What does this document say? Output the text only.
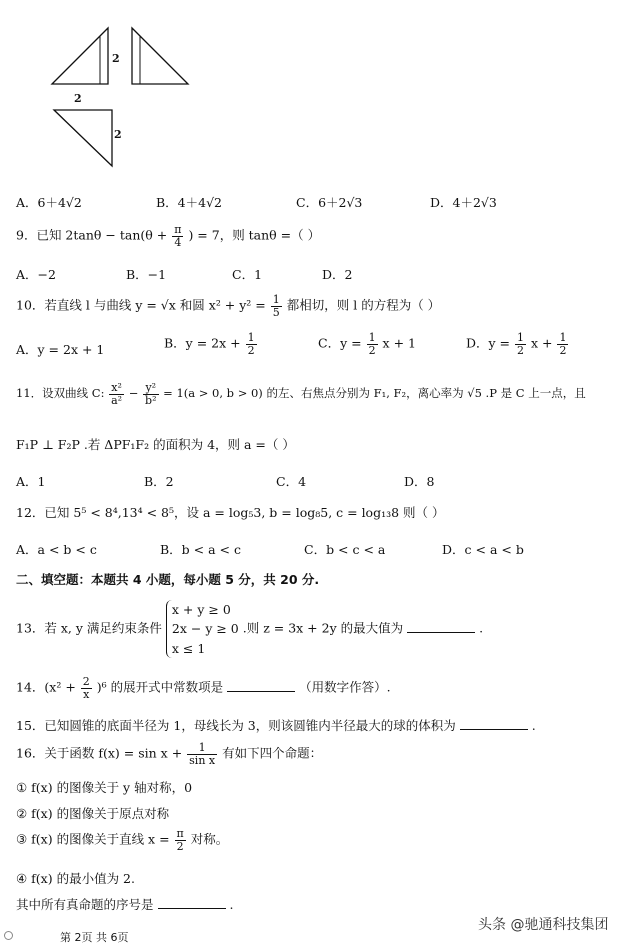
2
2
2
A．6＋4√2	B．4＋4√2	C．6＋2√3	D．4＋2√3
9．已知 $2\tan\theta - \tan(\theta + \frac{\pi}{4}$ ) = 7，则 tanθ =（ ）
A．−2	B．−1	C．1	D．2
10．若直线 l 与曲线 y = √x 和圆 $x^2 + y^2 = \frac{1}{5}$ 都相切，则 l 的方程为（ ）
A．y = 2x + 1	B．$y = 2x + \frac{1}{2}$	C．$y = \frac{1}{2}$ x + 1	D．$y = \frac{1}{2}$ $x + \frac{1}{2}$
11．设双曲线 C: $\frac{\text{x²}}{\text{a²}} - \frac{\text{y²}}{\text{b²}} = 1(a > 0$, b > 0) 的左、右焦点分别为 F₁, F₂，离心率为 √5 .P 是 C 上一点，且
F₁P ⊥ F₂P .若 ΔPF₁F₂ 的面积为 4，则 a =（ ）
A．1	B．2	C．4	D．8
12．已知 5⁵ < 8⁴,13⁴ < 8⁵，设 a = log₅3, b = log₈5, c = log₁₃8 则（ ）
A．a < b < c	B．b < a < c	C．b < c < a	D．c < a < b
二、填空题：本题共 4 小题，每小题 5 分，共 20 分.
13．若 x, y 满足约束条件
x + y ≥ 0
2x − y ≥ 0
x ≤ 1
.则 z = 3x + 2y 的最大值为	.
14．$(x^2 + \frac{2}{x} )^6$ 的展开式中常数项是	（用数字作答）.
15．已知圆锥的底面半径为 1，母线长为 3，则该圆锥内半径最大的球的体积为	.
16．关于函数 $f(x) = \sin x + \frac{1}{\text{sin x}}$ 有如下四个命题：
① f(x) 的图像关于 y 轴对称，0
② f(x) 的图像关于原点对称
③ f(x) 的图像关于直线 $x = \frac{\pi}{2}$ 对称。
④ f(x) 的最小值为 2.
其中所有真命题的序号是	.
第 2页 共 6页
头条 @驰通科技集团
